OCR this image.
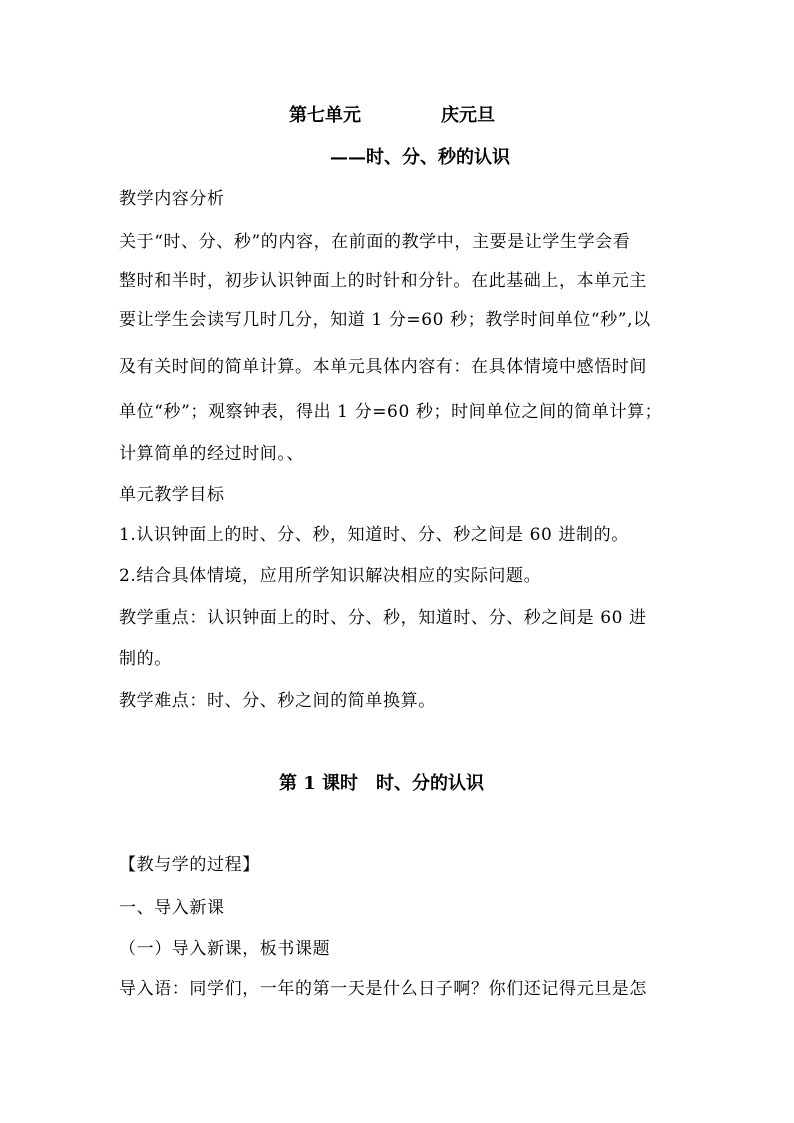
第七单元	庆元旦
——时、分、秒的认识
教学内容分析
关于“时、分、秒”的内容，在前面的教学中，主要是让学生学会看
整时和半时，初步认识钟面上的时针和分针。在此基础上，本单元主
要让学生会读写几时几分，知道 1 分=60 秒；教学时间单位“秒”,以
及有关时间的简单计算。本单元具体内容有：在具体情境中感悟时间
单位“秒”；观察钟表，得出 1 分=60 秒；时间单位之间的简单计算；
计算简单的经过时间。、
单元教学目标
1.认识钟面上的时、分、秒，知道时、分、秒之间是 60 进制的。
2.结合具体情境，应用所学知识解决相应的实际问题。
教学重点：认识钟面上的时、分、秒，知道时、分、秒之间是 60 进
制的。
教学难点：时、分、秒之间的简单换算。
第 1 课时　时、分的认识
【教与学的过程】
一、导入新课
（一）导入新课，板书课题
导入语：同学们，一年的第一天是什么日子啊？你们还记得元旦是怎
